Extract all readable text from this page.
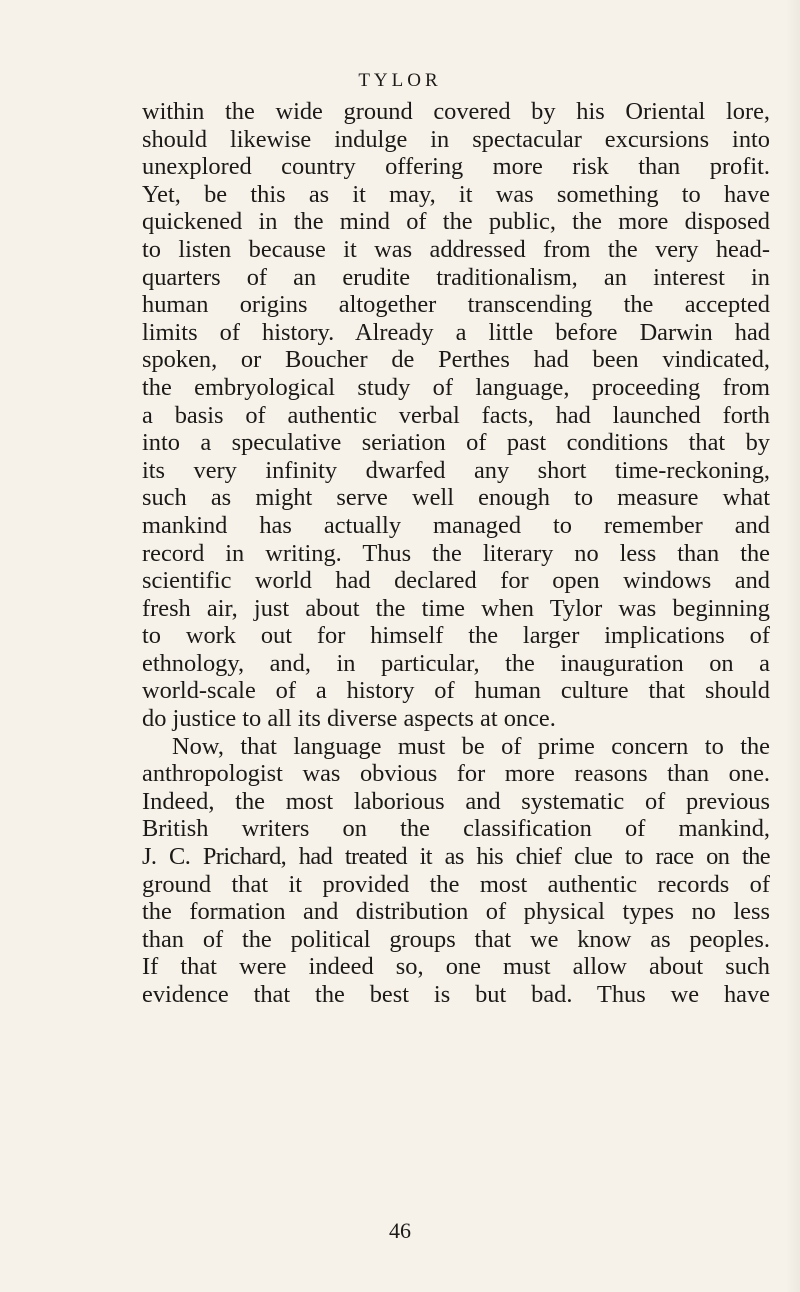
TYLOR
within the wide ground covered by his Oriental lore,
should likewise indulge in spectacular excursions into
unexplored country offering more risk than profit.
Yet, be this as it may, it was something to have
quickened in the mind of the public, the more disposed
to listen because it was addressed from the very head-
quarters of an erudite traditionalism, an interest in
human origins altogether transcending the accepted
limits of history. Already a little before Darwin had
spoken, or Boucher de Perthes had been vindicated,
the embryological study of language, proceeding from
a basis of authentic verbal facts, had launched forth
into a speculative seriation of past conditions that by
its very infinity dwarfed any short time-reckoning,
such as might serve well enough to measure what
mankind has actually managed to remember and
record in writing. Thus the literary no less than the
scientific world had declared for open windows and
fresh air, just about the time when Tylor was beginning
to work out for himself the larger implications of
ethnology, and, in particular, the inauguration on a
world-scale of a history of human culture that should
do justice to all its diverse aspects at once.
Now, that language must be of prime concern to the
anthropologist was obvious for more reasons than one.
Indeed, the most laborious and systematic of previous
British writers on the classification of mankind,
J. C. Prichard, had treated it as his chief clue to race on the
ground that it provided the most authentic records of
the formation and distribution of physical types no less
than of the political groups that we know as peoples.
If that were indeed so, one must allow about such
evidence that the best is but bad. Thus we have
46
